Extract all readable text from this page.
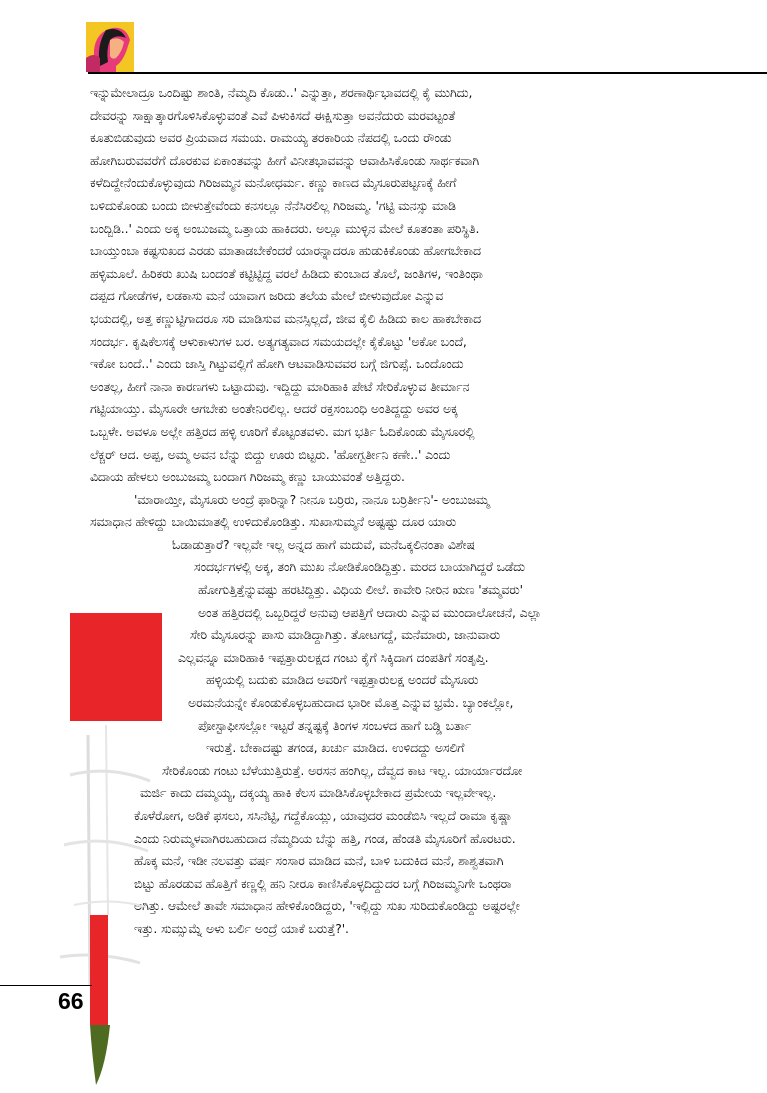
ಇನ್ನುಮೇಲಾದ್ರೂ ಒಂದಿಷ್ಟು ಶಾಂತಿ, ನೆಮ್ಮದಿ ಕೊಡು..' ಎನ್ನುತ್ತಾ, ಶರಣಾರ್ಥಿಭಾವದಲ್ಲಿ ಕೈ ಮುಗಿದು,
ದೇವರನ್ನು ಸಾಕ್ಷಾತ್ಕಾರಗೊಳಿಸಿಕೊಳ್ಳುವಂತೆ ಎವೆ ಪಿಳುಕಿಸದೆ ಈಕ್ಷಿಸುತ್ತಾ ಅವನೆದುರು ಮರವಟ್ಟಂತೆ
ಕೂತುಬಿಡುವುದು ಅವರ ಪ್ರಿಯವಾದ ಸಮಯ. ರಾಮಯ್ಯ ತರಕಾರಿಯ ನೆಪದಲ್ಲಿ ಒಂದು ರೌಂಡು
ಹೋಗಿಬರುವವರೆಗೆ ದೊರಕುವ ಏಕಾಂತವನ್ನು ಹೀಗೆ ವಿನೀತಭಾವವನ್ನು ಆವಾಹಿಸಿಕೊಂಡು ಸಾರ್ಥಕವಾಗಿ
ಕಳೆದಿದ್ದೇನೆಂದುಕೊಳ್ಳುವುದು ಗಿರಿಜಮ್ಮನ ಮನೋಧರ್ಮ. ಕಣ್ಣು ಕಾಣದ ಮೈಸೂರುಪಟ್ಟಣಕ್ಕೆ ಹೀಗೆ
ಬಳಿದುಕೊಂಡು ಬಂದು ಬೀಳುತ್ತೇವೆಂದು ಕನಸಲ್ಲೂ ನೆನೆಸಿರಲಿಲ್ಲ ಗಿರಿಜಮ್ಮ. 'ಗಟ್ಟಿ ಮನಸ್ಸು ಮಾಡಿ
ಬಂದ್ಬಿಡಿ..' ಎಂದು ಅಕ್ಕ ಅಂಬುಜಮ್ಮ ಒತ್ತಾಯ ಹಾಕಿದರು. ಅಲ್ಲೂ ಮುಳ್ಳಿನ ಮೇಲೆ ಕೂತಂತಾ ಪರಿಸ್ಥಿತಿ.
ಬಾಯ್ತುಂಬಾ ಕಷ್ಟಸುಖದ ಎರಡು ಮಾತಾಡಬೇಕೆಂದರೆ ಯಾರನ್ನಾದರೂ ಹುಡುಕಿಕೊಂಡು ಹೋಗಬೇಕಾದ
ಹಳ್ಳಿಮೂಲೆ. ಹಿರಿಕರು ಖುಷಿ ಬಂದಂತೆ ಕಟ್ಟಿಟ್ಟಿದ್ದ ವರಲೆ ಹಿಡಿದು ಕುಂಬಾದ ತೊಲೆ, ಜಂತಿಗಳ, ಇಂತಿಂಥಾ
ದಪ್ಪದ ಗೋಡೆಗಳ, ಲಡಕಾಸು ಮನೆ ಯಾವಾಗ ಜರಿದು ತಲೆಯ ಮೇಲೆ ಬೀಳುವುದೋ ಎನ್ನುವ
ಭಯದಲ್ಲಿ, ಅತ್ತ ಕಣ್ಣುಟ್ಟಿಗಾದರೂ ಸರಿ ಮಾಡಿಸುವ ಮನಸ್ಸಿಲ್ಲದೆ, ಜೀವ ಕೈಲಿ ಹಿಡಿದು ಕಾಲ ಹಾಕಬೇಕಾದ
ಸಂದರ್ಭ. ಕೃಷಿಕೆಲಸಕ್ಕೆ ಆಳುಕಾಳುಗಳ ಬರ. ಅತ್ಯಗತ್ಯವಾದ ಸಮಯದಲ್ಲೇ ಕೈಕೊಟ್ಟು 'ಅಕೋ ಬಂದೆ,
ಇಕೋ ಬಂದೆ..' ಎಂದು ಜಾಸ್ತಿ ಗಿಟ್ಟುವಲ್ಲಿಗೆ ಹೋಗಿ ಆಟವಾಡಿಸುವವರ ಬಗ್ಗೆ ಜಿಗುಪ್ಸೆ. ಒಂದೊಂದು
ಅಂತಲ್ಲ, ಹೀಗೆ ನಾನಾ ಕಾರಣಗಳು ಒಟ್ಟಾದುವು. ಇದ್ದಿದ್ದು ಮಾರಿಹಾಕಿ ಪೇಟೆ ಸೇರಿಕೊಳ್ಳುವ ತೀರ್ಮಾನ
ಗಟ್ಟಿಯಾಯ್ತು. ಮೈಸೂರೇ ಆಗಬೇಕು ಅಂತೇನಿರಲಿಲ್ಲ. ಆದರೆ ರಕ್ತಸಂಬಂಧಿ ಅಂತಿದ್ದದ್ದು ಅವರ ಅಕ್ಕ
ಒಬ್ಬಳೇ. ಅವಳೂ ಅಲ್ಲೇ ಹತ್ತಿರದ ಹಳ್ಳಿ ಊರಿಗೆ ಕೊಟ್ಟಂತವಳು. ಮಗ ಭರ್ತಿ ಓದಿಕೊಂಡು ಮೈಸೂರಲ್ಲಿ
ಲೆಕ್ಚರ್ ಆದ. ಅಪ್ಪ, ಅಮ್ಮ ಅವನ ಬೆನ್ನು ಬಿದ್ದು ಊರು ಬಿಟ್ಟರು. 'ಹೋಗ್ಬರ್ತೀನಿ ಕಣೇ..' ಎಂದು
ವಿದಾಯ ಹೇಳಲು ಅಂಬುಜಮ್ಮ ಬಂದಾಗ ಗಿರಿಜಮ್ಮ ಕಣ್ಣು ಬಾಯುವಂತೆ ಅತ್ತಿದ್ದರು.
'ಮಾರಾಯ್ತೀ, ಮೈಸೂರು ಅಂದ್ರೆ ಫಾರಿನ್ನಾ? ನೀನೂ ಬರ್ರಿರು, ನಾನೂ ಬರ್ರಿರ್ತೀನಿ'- ಅಂಬುಜಮ್ಮ
ಸಮಾಧಾನ ಹೇಳಿದ್ದು ಬಾಯಿಮಾತಲ್ಲಿ ಉಳಿದುಕೊಂಡಿತ್ತು. ಸುಖಾಸುಮ್ಮನೆ ಅಷ್ಟಷ್ಟು ದೂರ ಯಾರು
ಓಡಾಡುತ್ತಾರೆ? ಇಲ್ಲವೇ ಇಲ್ಲ ಅನ್ನದ ಹಾಗೆ ಮದುವೆ, ಮನೆಒಕ್ಕಲಿನಂತಾ ವಿಶೇಷ
ಸಂದರ್ಭಗಳಲ್ಲಿ ಅಕ್ಕ, ತಂಗಿ ಮುಖ ನೋಡಿಕೊಂಡಿದ್ದಿತ್ತು. ಮರದ ಬಾಯಾಗಿದ್ದರೆ ಒಡೆದು
ಹೋಗುತ್ತಿತ್ತೆನ್ನುವಷ್ಟು ಹರಟಿದ್ದಿತ್ತು. ವಿಧಿಯ ಲೀಲೆ. ಕಾವೇರಿ ನೀರಿನ ಋಣ 'ತಮ್ಮವರು'
ಅಂತ ಹತ್ತಿರದಲ್ಲಿ ಒಬ್ಬರಿದ್ದರೆ ಅನುವು ಆಪತ್ತಿಗೆ ಆದಾರು ಎನ್ನುವ ಮುಂದಾಲೋಚನೆ, ಎಲ್ಲಾ
ಸೇರಿ ಮೈಸೂರನ್ನು ಪಾಸು ಮಾಡಿದ್ದಾಗಿತ್ತು. ತೋಟಗದ್ದೆ, ಮನೆಮಾರು, ಜಾನುವಾರು
ಎಲ್ಲವನ್ನೂ ಮಾರಿಹಾಕಿ ಇಪ್ಪತ್ತಾರುಲಕ್ಷದ ಗಂಟು ಕೈಗೆ ಸಿಕ್ಕಿದಾಗ ದಂಪತಿಗೆ ಸಂತೃಪ್ತಿ.
ಹಳ್ಳಿಯಲ್ಲಿ ಬದುಕು ಮಾಡಿದ ಅವರಿಗೆ ಇಪ್ಪತ್ತಾರುಲಕ್ಷ ಅಂದರೆ ಮೈಸೂರು
ಅರಮನೆಯನ್ನೇ ಕೊಂಡುಕೊಳ್ಳಬಹುದಾದ ಭಾರೀ ಮೊತ್ತ ಎನ್ನುವ ಭ್ರಮೆ. ಬ್ಯಾಂಕಲ್ಲೋ,
ಪೋಸ್ಟಾಫೀಸಲ್ಲೋ ಇಟ್ಟರೆ ತನ್ನಷ್ಟಕ್ಕೆ ತಿಂಗಳ ಸಂಬಳದ ಹಾಗೆ ಬಡ್ಡಿ ಬರ್ತಾ
ಇರುತ್ತೆ. ಬೇಕಾದಷ್ಟು ತಗಂಡ, ಖರ್ಚು ಮಾಡಿದ. ಉಳಿದದ್ದು ಅಸಲಿಗೆ
ಸೇರಿಕೊಂಡು ಗಂಟು ಬೆಳೆಯುತ್ತಿರುತ್ತೆ. ಅರಸನ ಹಂಗಿಲ್ಲ, ದೆವ್ವದ ಕಾಟ ಇಲ್ಲ. ಯಾರ್ಯಾರದೋ
ಮರ್ಜಿ ಕಾದು ದಮ್ಮಯ್ಯ, ದಕ್ಕಯ್ಯ ಹಾಕಿ ಕೆಲಸ ಮಾಡಿಸಿಕೊಳ್ಳಬೇಕಾದ ಪ್ರಮೇಯ ಇಲ್ಲವೇಇಲ್ಲ.
ಕೊಳೆರೋಗ, ಅಡಿಕೆ ಫಸಲು, ಸಸಿನೆಟ್ಟಿ, ಗದ್ದೆಕೊಯ್ಲು, ಯಾವುದರ ಮಂಡೆಬಿಸಿ ಇಲ್ಲದೆ ರಾಮಾ ಕೃಷ್ಣಾ
ಎಂದು ನಿರುಮ್ಮಳವಾಗಿರಬಹುದಾದ ನೆಮ್ಮದಿಯ ಬೆನ್ನು ಹತ್ತಿ, ಗಂಡ, ಹೆಂಡತಿ ಮೈಸೂರಿಗೆ ಹೊರಟರು.
ಹೊಕ್ಕ ಮನೆ, ಇಡೀ ನಲವತ್ತು ವರ್ಷ ಸಂಸಾರ ಮಾಡಿದ ಮನೆ, ಬಾಳಿ ಬದುಕಿದ ಮನೆ, ಶಾಶ್ವತವಾಗಿ
ಬಿಟ್ಟು ಹೊರಡುವ ಹೊತ್ತಿಗೆ ಕಣ್ಣಲ್ಲಿ ಹನಿ ನೀರೂ ಕಾಣಿಸಿಕೊಳ್ಳದಿದ್ದುದರ ಬಗ್ಗೆ ಗಿರಿಜಮ್ಮನಿಗೇ ಒಂಥರಾ
ಆಗಿತ್ತು. ಆಮೇಲೆ ತಾವೇ ಸಮಾಧಾನ ಹೇಳಿಕೊಂಡಿದ್ದರು, 'ಇಲ್ಲಿದ್ದು ಸುಖ ಸುರಿದುಕೊಂಡಿದ್ದು ಅಷ್ಟರಲ್ಲೇ
ಇತ್ತು. ಸುಮ್ಸುಮ್ನೆ ಅಳು ಬರ್ಲಿ ಅಂದ್ರೆ ಯಾಕೆ ಬರುತ್ತೆ?'.
66
